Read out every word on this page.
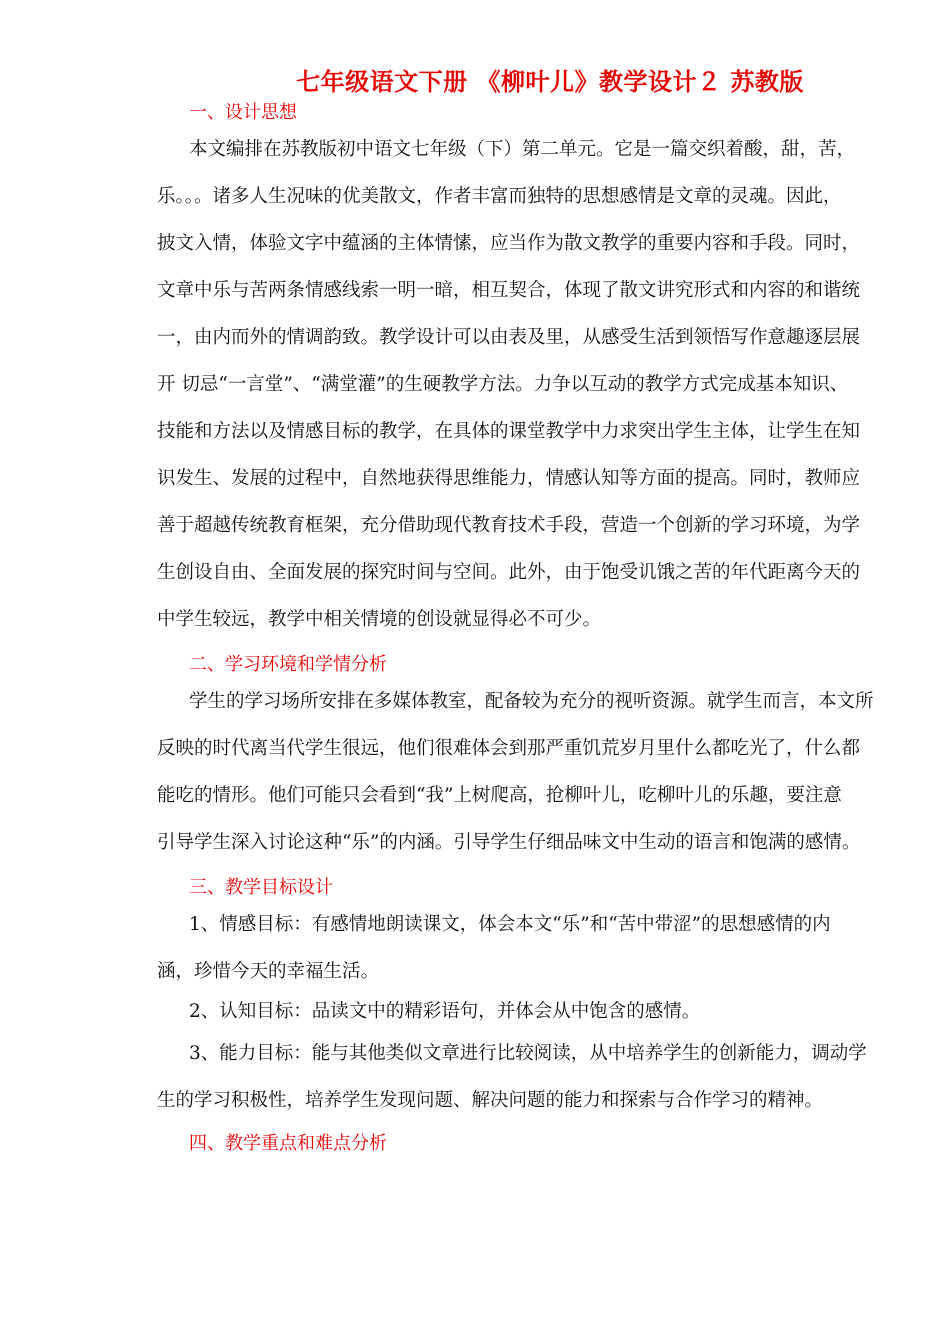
七年级语文下册 《柳叶儿》教学设计２ 苏教版
一、设计思想
本文编排在苏教版初中语文七年级（下）第二单元。它是一篇交织着酸，甜，苦，
乐。。。诸多人生况味的优美散文，作者丰富而独特的思想感情是文章的灵魂。因此，
披文入情，体验文字中蕴涵的主体情愫，应当作为散文教学的重要内容和手段。同时，
文章中乐与苦两条情感线索一明一暗，相互契合，体现了散文讲究形式和内容的和谐统
一，由内而外的情调韵致。教学设计可以由表及里，从感受生活到领悟写作意趣逐层展
开 切忌“一言堂”、“满堂灌”的生硬教学方法。力争以互动的教学方式完成基本知识、
技能和方法以及情感目标的教学，在具体的课堂教学中力求突出学生主体，让学生在知
识发生、发展的过程中，自然地获得思维能力，情感认知等方面的提高。同时，教师应
善于超越传统教育框架，充分借助现代教育技术手段，营造一个创新的学习环境，为学
生创设自由、全面发展的探究时间与空间。此外，由于饱受讥饿之苦的年代距离今天的
中学生较远，教学中相关情境的创设就显得必不可少。
二、学习环境和学情分析
学生的学习场所安排在多媒体教室，配备较为充分的视听资源。就学生而言，本文所
反映的时代离当代学生很远，他们很难体会到那严重饥荒岁月里什么都吃光了，什么都
能吃的情形。他们可能只会看到“我”上树爬高，抢柳叶儿，吃柳叶儿的乐趣，要注意
引导学生深入讨论这种“乐”的内涵。引导学生仔细品味文中生动的语言和饱满的感情。
三、教学目标设计
1、情感目标：有感情地朗读课文，体会本文“乐”和“苦中带涩”的思想感情的内
涵，珍惜今天的幸福生活。
2、认知目标：品读文中的精彩语句，并体会从中饱含的感情。
3、能力目标：能与其他类似文章进行比较阅读，从中培养学生的创新能力，调动学
生的学习积极性，培养学生发现问题、解决问题的能力和探索与合作学习的精神。
四、教学重点和难点分析
